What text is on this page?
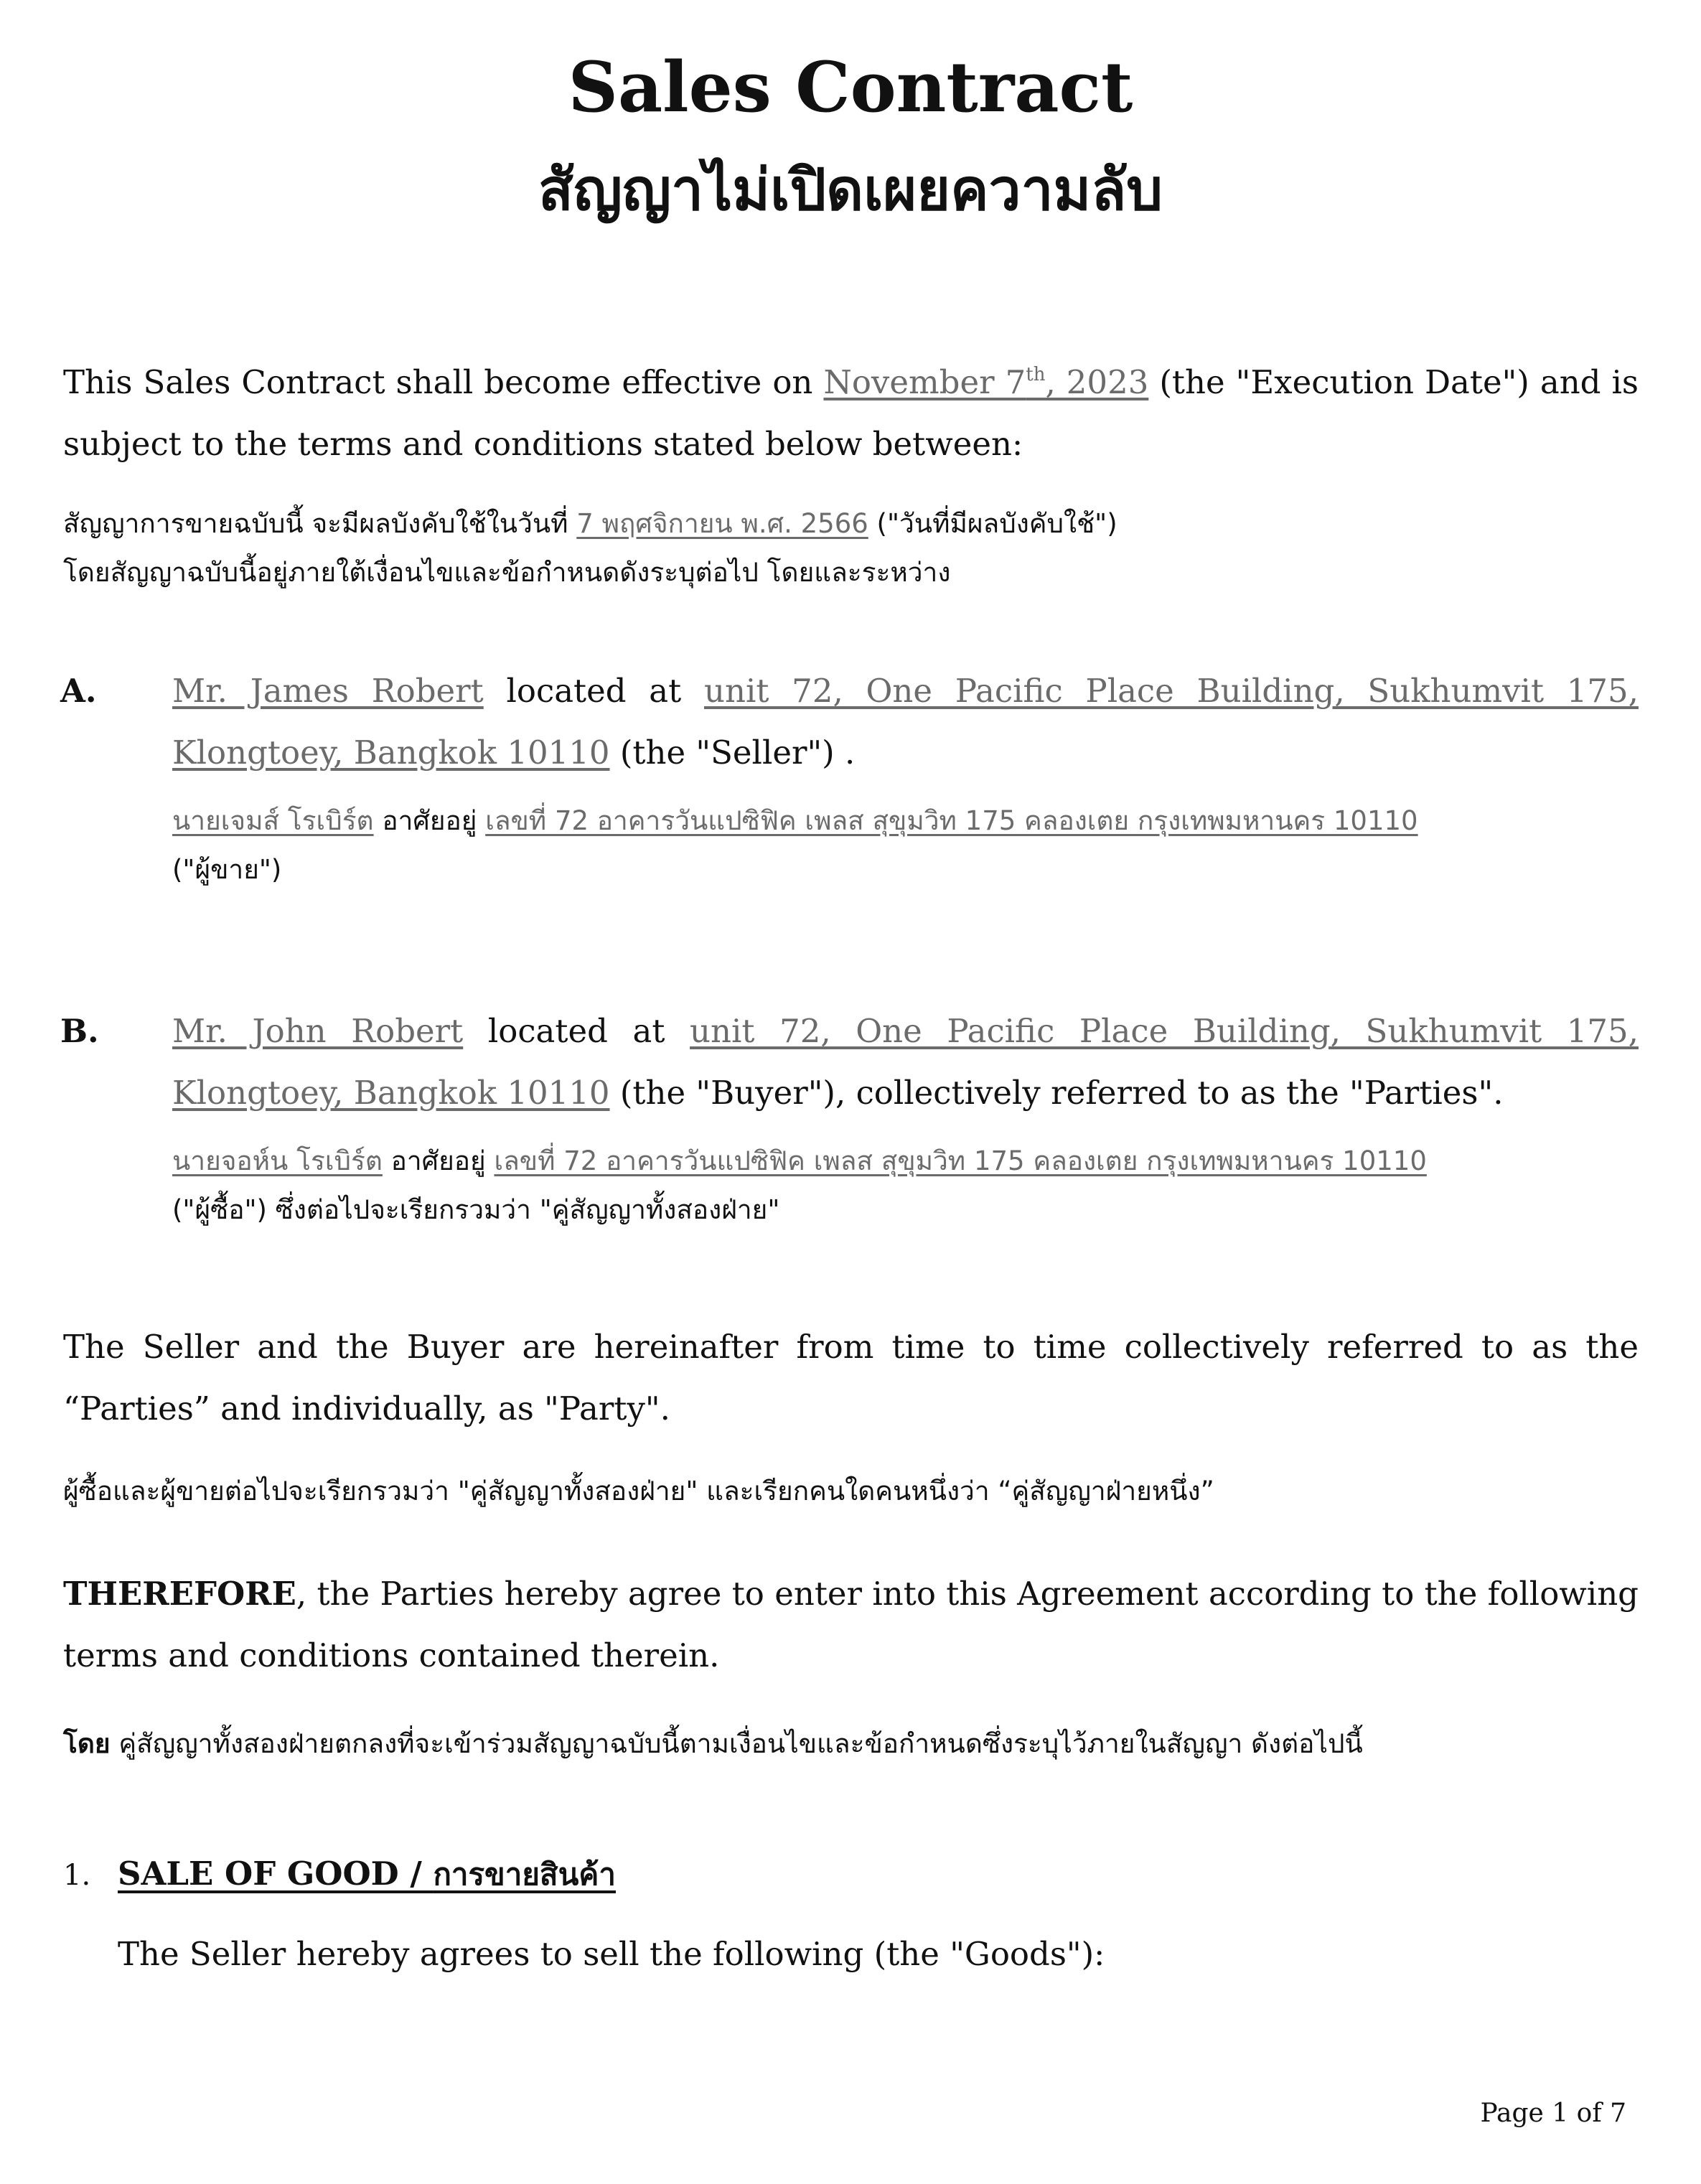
Sales Contract
สัญญาไม่เปิดเผยความลับ

This Sales Contract shall become effective on November 7th, 2023 (the "Execution Date") and is subject to the terms and conditions stated below between:

สัญญาการขายฉบับนี้ จะมีผลบังคับใช้ในวันที่ 7 พฤศจิกายน พ.ศ. 2566 ("วันที่มีผลบังคับใช้")

โดยสัญญาฉบับนี้อยู่ภายใต้เงื่อนไขและข้อกำหนดดังระบุต่อไป โดยและระหว่าง

A. Mr. James Robert located at unit 72, One Pacific Place Building, Sukhumvit 175, Klongtoey, Bangkok 10110 (the "Seller") .

นายเจมส์ โรเบิร์ต อาศัยอยู่ เลขที่ 72 อาคารวันแปซิฟิค เพลส สุขุมวิท 175 คลองเตย กรุงเทพมหานคร 10110

("ผู้ขาย")

B. Mr. John Robert located at unit 72, One Pacific Place Building, Sukhumvit 175, Klongtoey, Bangkok 10110 (the "Buyer"), collectively referred to as the "Parties".

นายจอห์น โรเบิร์ต อาศัยอยู่ เลขที่ 72 อาคารวันแปซิฟิค เพลส สุขุมวิท 175 คลองเตย กรุงเทพมหานคร 10110

("ผู้ซื้อ") ซึ่งต่อไปจะเรียกรวมว่า "คู่สัญญาทั้งสองฝ่าย"

The Seller and the Buyer are hereinafter from time to time collectively referred to as the “Parties” and individually, as "Party".

ผู้ซื้อและผู้ขายต่อไปจะเรียกรวมว่า "คู่สัญญาทั้งสองฝ่าย" และเรียกคนใดคนหนึ่งว่า “คู่สัญญาฝ่ายหนึ่ง”

THEREFORE, the Parties hereby agree to enter into this Agreement according to the following terms and conditions contained therein.

โดย คู่สัญญาทั้งสองฝ่ายตกลงที่จะเข้าร่วมสัญญาฉบับนี้ตามเงื่อนไขและข้อกำหนดซึ่งระบุไว้ภายในสัญญา ดังต่อไปนี้

1. SALE OF GOOD / การขายสินค้า
The Seller hereby agrees to sell the following (the "Goods"):
Page 1 of 7
